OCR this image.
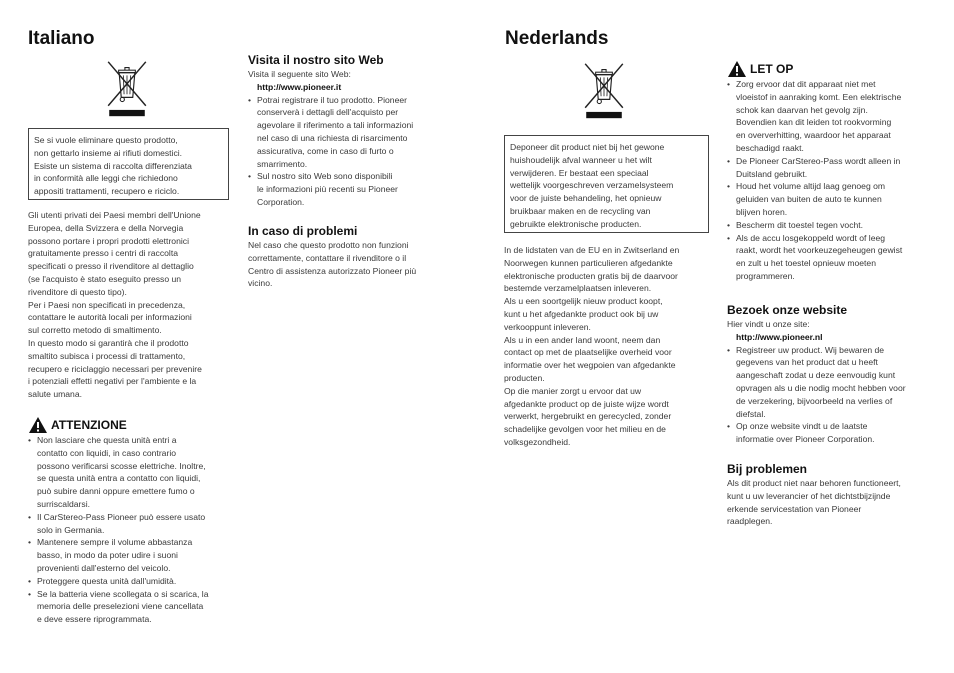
Italiano
Se si vuole eliminare questo prodotto,
non gettarlo insieme ai rifiuti domestici.
Esiste un sistema di raccolta differenziata
in conformità alle leggi che richiedono
appositi trattamenti, recupero e riciclo.
Gli utenti privati dei Paesi membri dell'Unione
Europea, della Svizzera e della Norvegia
possono portare i propri prodotti elettronici
gratuitamente presso i centri di raccolta
specificati o presso il rivenditore al dettaglio
(se l'acquisto è stato eseguito presso un
rivenditore di questo tipo).
Per i Paesi non specificati in precedenza,
contattare le autorità locali per informazioni
sul corretto metodo di smaltimento.
In questo modo si garantirà che il prodotto
smaltito subisca i processi di trattamento,
recupero e riciclaggio necessari per prevenire
i potenziali effetti negativi per l'ambiente e la
salute umana.
ATTENZIONE
• Non lasciare che questa unità entri a
contatto con liquidi, in caso contrario
possono verificarsi scosse elettriche. Inoltre,
se questa unità entra a contatto con liquidi,
può subire danni oppure emettere fumo o
surriscaldarsi.
• Il CarStereo-Pass Pioneer può essere usato
solo in Germania.
• Mantenere sempre il volume abbastanza
basso, in modo da poter udire i suoni
provenienti dall'esterno del veicolo.
• Proteggere questa unità dall'umidità.
• Se la batteria viene scollegata o si scarica, la
memoria delle preselezioni viene cancellata
e deve essere riprogrammata.
Visita il nostro sito Web

Visita il seguente sito Web:

http://www.pioneer.it

• Potrai registrare il tuo prodotto. Pioneer
conserverà i dettagli dell'acquisto per
agevolare il riferimento a tali informazioni
nel caso di una richiesta di risarcimento
assicurativa, come in caso di furto o
smarrimento.
• Sul nostro sito Web sono disponibili
le informazioni più recenti su Pioneer
Corporation.
In caso di problemi
Nel caso che questo prodotto non funzioni
correttamente, contattare il rivenditore o il
Centro di assistenza autorizzato Pioneer più
vicino.
Nederlands
Deponeer dit product niet bij het gewone
huishoudelijk afval wanneer u het wilt
verwijderen. Er bestaat een speciaal
wettelijk voorgeschreven verzamelsysteem
voor de juiste behandeling, het opnieuw
bruikbaar maken en de recycling van
gebruikte elektronische producten.
In de lidstaten van de EU en in Zwitserland en
Noorwegen kunnen particulieren afgedankte
elektronische producten gratis bij de daarvoor
bestemde verzamelplaatsen inleveren.
Als u een soortgelijk nieuw product koopt,
kunt u het afgedankte product ook bij uw
verkooppunt inleveren.
Als u in een ander land woont, neem dan
contact op met de plaatselijke overheid voor
informatie over het wegpoien van afgedankte
producten.
Op die manier zorgt u ervoor dat uw
afgedankte product op de juiste wijze wordt
verwerkt, hergebruikt en gerecycled, zonder
schadelijke gevolgen voor het milieu en de
volksgezondheid.
LET OP
• Zorg ervoor dat dit apparaat niet met
vloeistof in aanraking komt. Een elektrische
schok kan daarvan het gevolg zijn.
Bovendien kan dit leiden tot rookvorming
en oververhitting, waardoor het apparaat
beschadigd raakt.
• De Pioneer CarStereo-Pass wordt alleen in
Duitsland gebruikt.
• Houd het volume altijd laag genoeg om
geluiden van buiten de auto te kunnen
blijven horen.
• Bescherm dit toestel tegen vocht.
• Als de accu losgekoppeld wordt of leeg
raakt, wordt het voorkeuzegeheugen gewist
en zult u het toestel opnieuw moeten
programmeren.
Bezoek onze website

Hier vindt u onze site:

http://www.pioneer.nl

• Registreer uw product. Wij bewaren de
gegevens van het product dat u heeft
aangeschaft zodat u deze eenvoudig kunt
opvragen als u die nodig mocht hebben voor
de verzekering, bijvoorbeeld na verlies of
diefstal.
• Op onze website vindt u de laatste
informatie over Pioneer Corporation.
Bij problemen
Als dit product niet naar behoren functioneert,
kunt u uw leverancier of het dichtstbijzijnde
erkende servicestation van Pioneer
raadplegen.
